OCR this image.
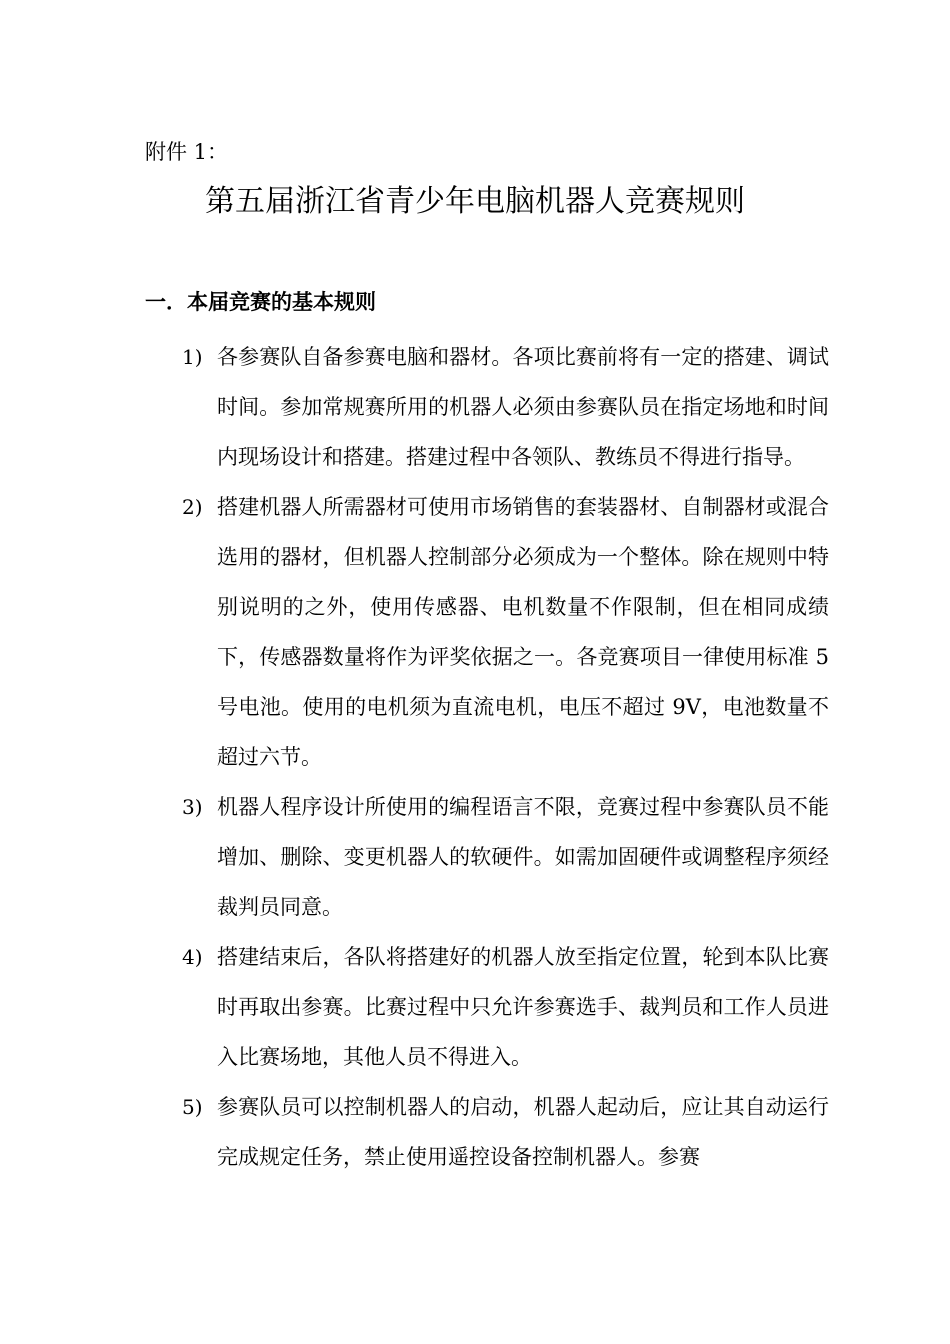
附件 1：

第五届浙江省青少年电脑机器人竞赛规则
一．本届竞赛的基本规则
1) 各参赛队自备参赛电脑和器材。各项比赛前将有一定的搭建、调试时间。参加常规赛所用的机器人必须由参赛队员在指定场地和时间内现场设计和搭建。搭建过程中各领队、教练员不得进行指导。
2) 搭建机器人所需器材可使用市场销售的套装器材、自制器材或混合选用的器材，但机器人控制部分必须成为一个整体。除在规则中特别说明的之外，使用传感器、电机数量不作限制，但在相同成绩下，传感器数量将作为评奖依据之一。各竞赛项目一律使用标准 5 号电池。使用的电机须为直流电机，电压不超过 9V，电池数量不超过六节。
3) 机器人程序设计所使用的编程语言不限，竞赛过程中参赛队员不能增加、删除、变更机器人的软硬件。如需加固硬件或调整程序须经裁判员同意。
4) 搭建结束后，各队将搭建好的机器人放至指定位置，轮到本队比赛时再取出参赛。比赛过程中只允许参赛选手、裁判员和工作人员进入比赛场地，其他人员不得进入。
5) 参赛队员可以控制机器人的启动，机器人起动后，应让其自动运行完成规定任务，禁止使用遥控设备控制机器人。参赛
